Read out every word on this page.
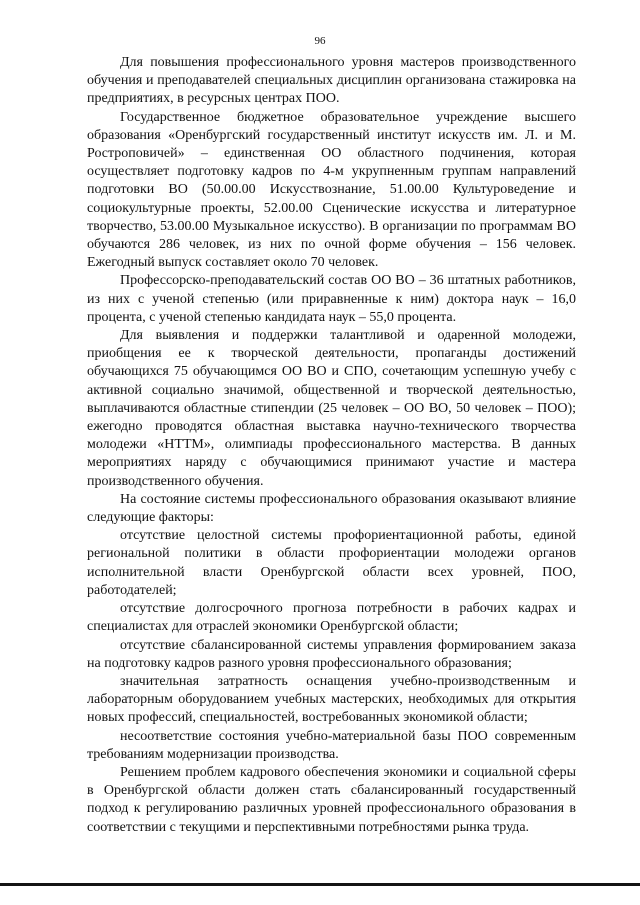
96

Для повышения профессионального уровня мастеров производственного обучения и преподавателей специальных дисциплин организована стажировка на предприятиях, в ресурсных центрах ПОО.

Государственное бюджетное образовательное учреждение высшего образования «Оренбургский государственный институт искусств им. Л. и М. Ростроповичей» – единственная ОО областного подчинения, которая осуществляет подготовку кадров по 4-м укрупненным группам направлений подготовки ВО (50.00.00 Искусствознание, 51.00.00 Культуроведение и социокультурные проекты, 52.00.00 Сценические искусства и литературное творчество, 53.00.00 Музыкальное искусство). В организации по программам ВО обучаются 286 человек, из них по очной форме обучения – 156 человек. Ежегодный выпуск составляет около 70 человек.

Профессорско-преподавательский состав ОО ВО – 36 штатных работников, из них с ученой степенью (или приравненные к ним) доктора наук – 16,0 процента, с ученой степенью кандидата наук – 55,0 процента.

Для выявления и поддержки талантливой и одаренной молодежи, приобщения ее к творческой деятельности, пропаганды достижений обучающихся 75 обучающимся ОО ВО и СПО, сочетающим успешную учебу с активной социально значимой, общественной и творческой деятельностью, выплачиваются областные стипендии (25 человек – ОО ВО, 50 человек – ПОО); ежегодно проводятся областная выставка научно-технического творчества молодежи «НТТМ», олимпиады профессионального мастерства. В данных мероприятиях наряду с обучающимися принимают участие и мастера производственного обучения.

На состояние системы профессионального образования оказывают влияние следующие факторы:

отсутствие целостной системы профориентационной работы, единой региональной политики в области профориентации молодежи органов исполнительной власти Оренбургской области всех уровней, ПОО, работодателей;

отсутствие долгосрочного прогноза потребности в рабочих кадрах и специалистах для отраслей экономики Оренбургской области;

отсутствие сбалансированной системы управления формированием заказа на подготовку кадров разного уровня профессионального образования;

значительная затратность оснащения учебно-производственным и лабораторным оборудованием учебных мастерских, необходимых для открытия новых профессий, специальностей, востребованных экономикой области;

несоответствие состояния учебно-материальной базы ПОО современным требованиям модернизации производства.

Решением проблем кадрового обеспечения экономики и социальной сферы в Оренбургской области должен стать сбалансированный государственный подход к регулированию различных уровней профессионального образования в соответствии с текущими и перспективными потребностями рынка труда.
